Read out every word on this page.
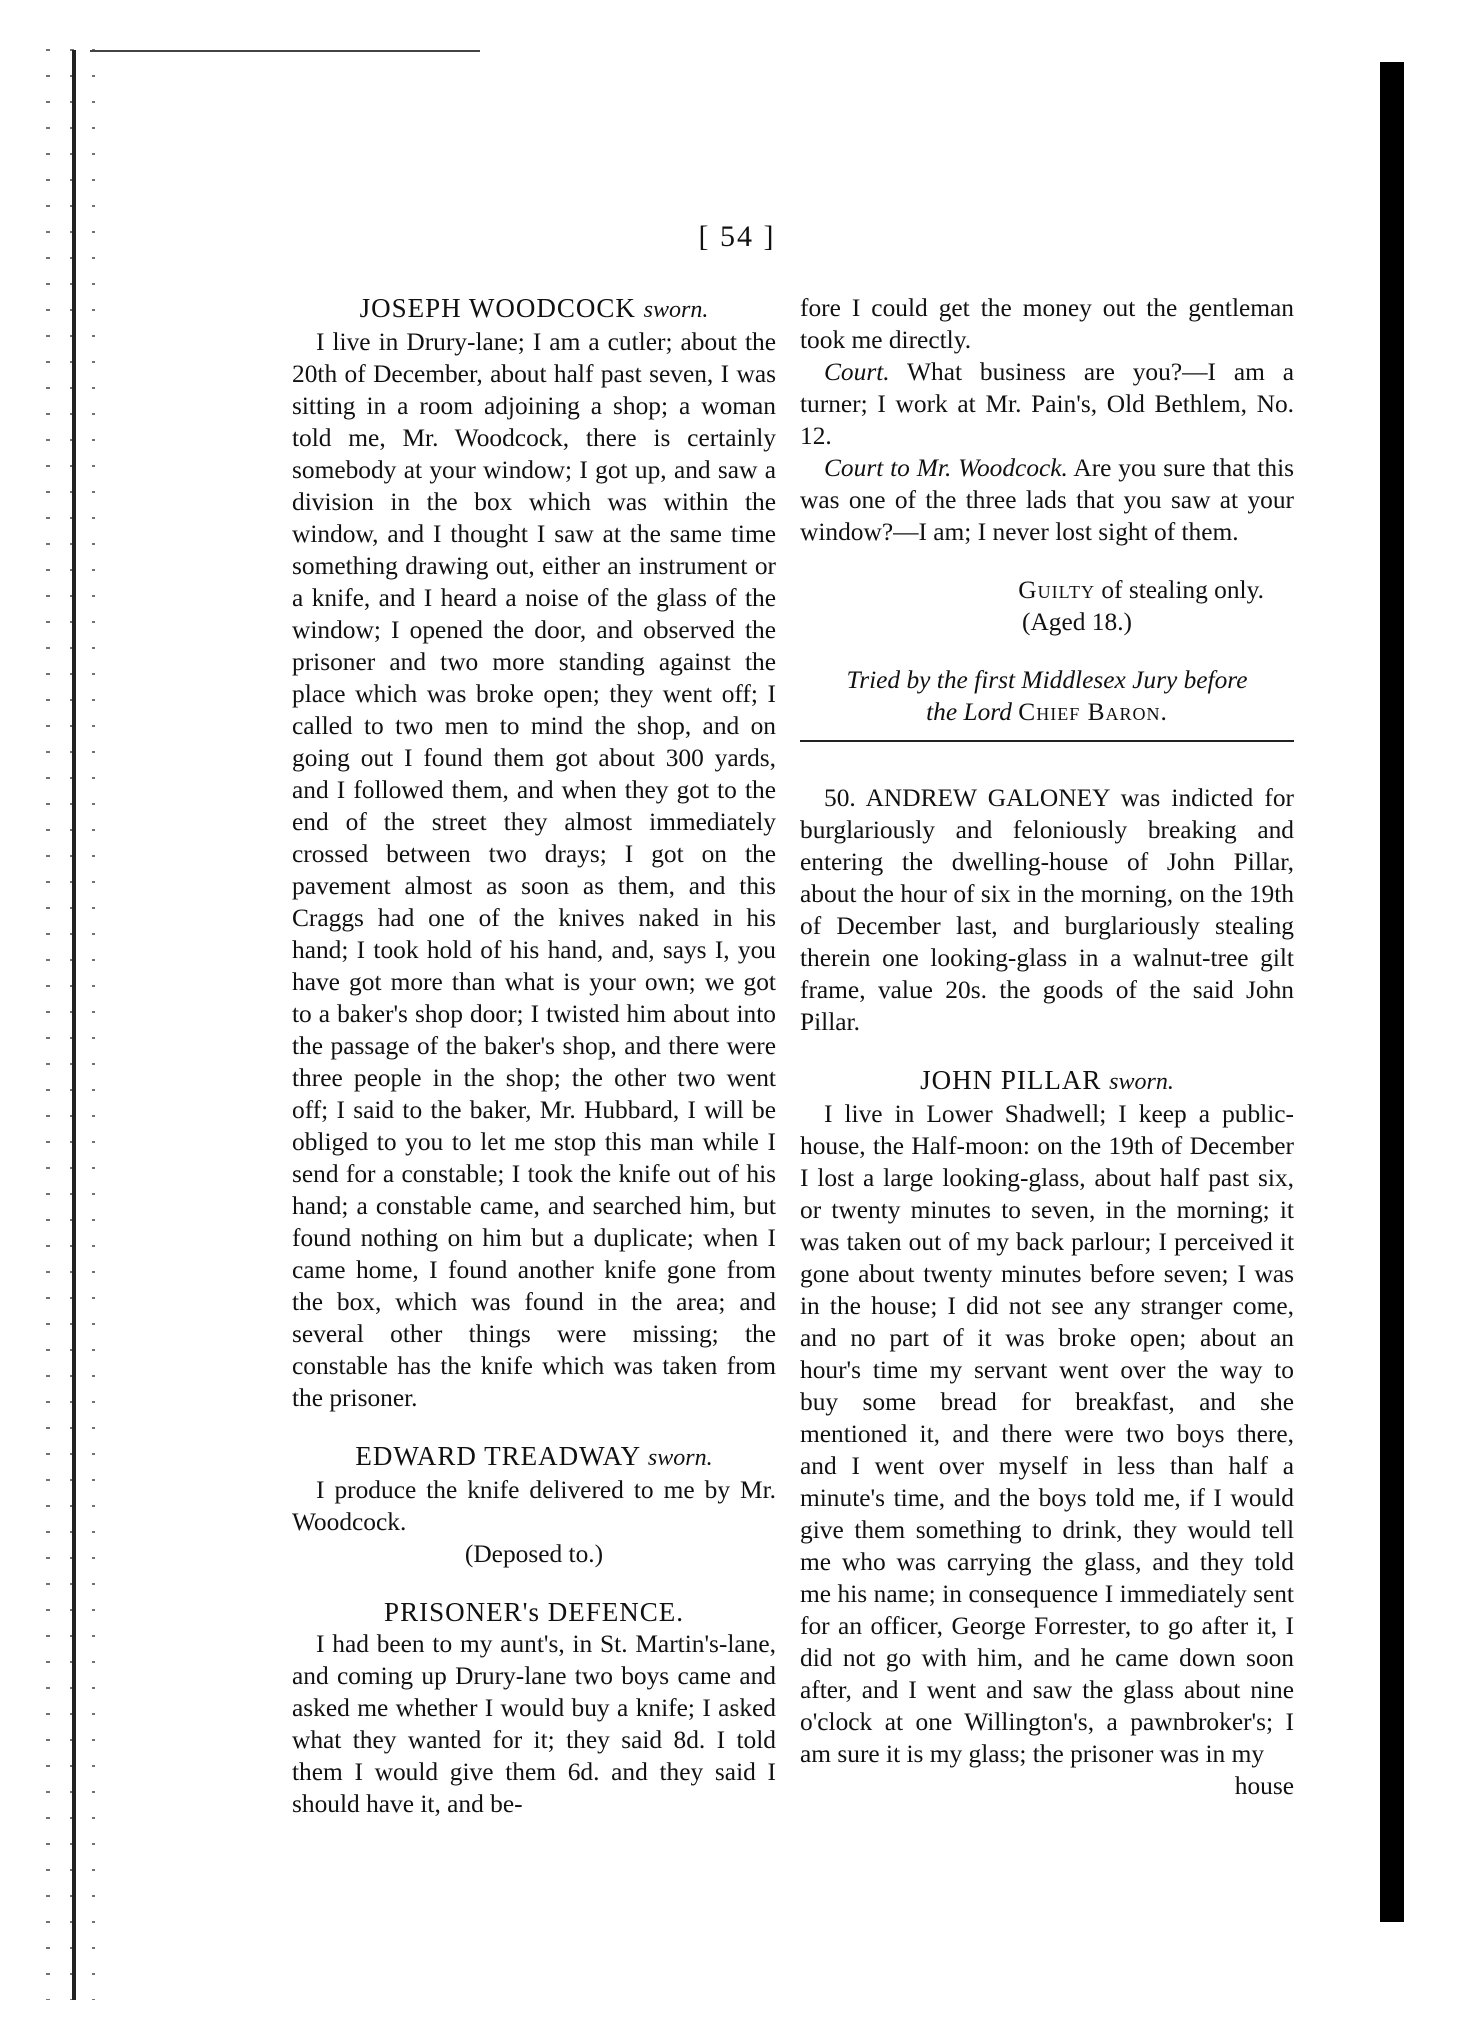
[ 54 ]

JOSEPH WOODCOCK sworn.

I live in Drury-lane; I am a cutler; about the 20th of December, about half past seven, I was sitting in a room adjoining a shop; a woman told me, Mr. Woodcock, there is certainly somebody at your window; I got up, and saw a division in the box which was within the window, and I thought I saw at the same time something drawing out, either an instrument or a knife, and I heard a noise of the glass of the window; I opened the door, and observed the prisoner and two more standing against the place which was broke open; they went off; I called to two men to mind the shop, and on going out I found them got about 300 yards, and I followed them, and when they got to the end of the street they almost immediately crossed between two drays; I got on the pavement almost as soon as them, and this Craggs had one of the knives naked in his hand; I took hold of his hand, and, says I, you have got more than what is your own; we got to a baker's shop door; I twisted him about into the passage of the baker's shop, and there were three people in the shop; the other two went off; I said to the baker, Mr. Hubbard, I will be obliged to you to let me stop this man while I send for a constable; I took the knife out of his hand; a constable came, and searched him, but found nothing on him but a duplicate; when I came home, I found another knife gone from the box, which was found in the area; and several other things were missing; the constable has the knife which was taken from the prisoner.

EDWARD TREADWAY sworn.

I produce the knife delivered to me by Mr. Woodcock.

(Deposed to.)

PRISONER's DEFENCE.

I had been to my aunt's, in St. Martin's-lane, and coming up Drury-lane two boys came and asked me whether I would buy a knife; I asked what they wanted for it; they said 8d. I told them I would give them 6d. and they said I should have it, and be-

fore I could get the money out the gentleman took me directly.

Court. What business are you?—I am a turner; I work at Mr. Pain's, Old Bethlem, No. 12.

Court to Mr. Woodcock. Are you sure that this was one of the three lads that you saw at your window?—I am; I never lost sight of them.

Guilty of stealing only.

(Aged 18.)

Tried by the first Middlesex Jury before

the Lord Chief Baron.

50. ANDREW GALONEY was indicted for burglariously and feloniously breaking and entering the dwelling-house of John Pillar, about the hour of six in the morning, on the 19th of December last, and burglariously stealing therein one looking-glass in a walnut-tree gilt frame, value 20s. the goods of the said John Pillar.

JOHN PILLAR sworn.

I live in Lower Shadwell; I keep a public-house, the Half-moon: on the 19th of December I lost a large looking-glass, about half past six, or twenty minutes to seven, in the morning; it was taken out of my back parlour; I perceived it gone about twenty minutes before seven; I was in the house; I did not see any stranger come, and no part of it was broke open; about an hour's time my servant went over the way to buy some bread for breakfast, and she mentioned it, and there were two boys there, and I went over myself in less than half a minute's time, and the boys told me, if I would give them something to drink, they would tell me who was carrying the glass, and they told me his name; in consequence I immediately sent for an officer, George Forrester, to go after it, I did not go with him, and he came down soon after, and I went and saw the glass about nine o'clock at one Willington's, a pawnbroker's; I am sure it is my glass; the prisoner was in my

house
